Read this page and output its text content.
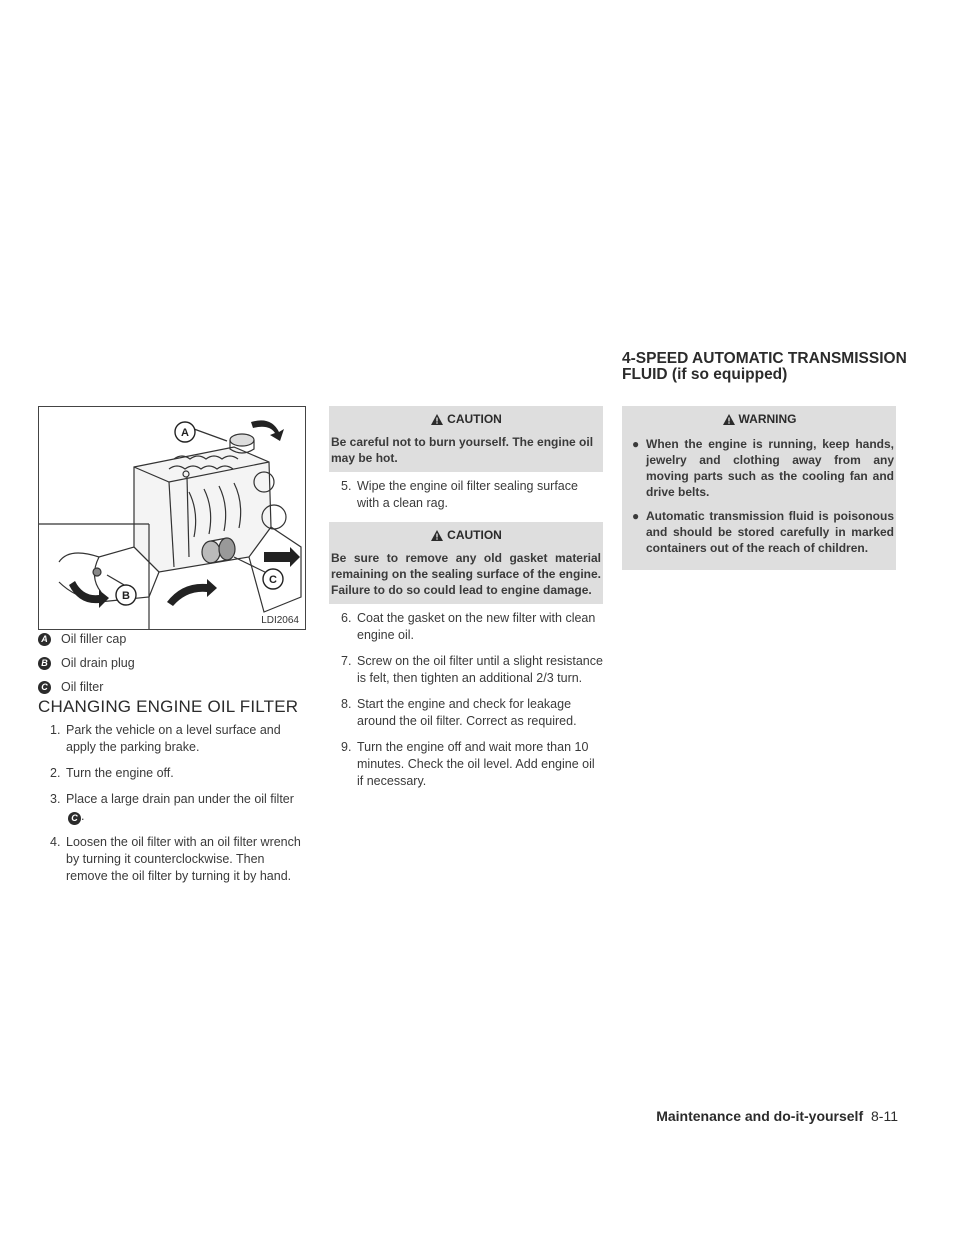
A
B
C
LDI2064
A Oil filler cap
B Oil drain plug
C Oil filter
CHANGING ENGINE OIL FILTER
1. Park the vehicle on a level surface and apply the parking brake.
2. Turn the engine off.
3. Place a large drain pan under the oil filterC .
4. Loosen the oil filter with an oil filter wrench by turning it counterclockwise. Then remove the oil filter by turning it by hand.
CAUTION
Be careful not to burn yourself. The engine oil may be hot.
5. Wipe the engine oil filter sealing surface with a clean rag.
CAUTION
Be sure to remove any old gasket material remaining on the sealing surface of the engine. Failure to do so could lead to engine damage.
6. Coat the gasket on the new filter with clean engine oil.
7. Screw on the oil filter until a slight resistance is felt, then tighten an additional 2/3 turn.
8. Start the engine and check for leakage around the oil filter. Correct as required.
9. Turn the engine off and wait more than 10 minutes. Check the oil level. Add engine oil if necessary.
4-SPEED AUTOMATIC TRANSMISSION FLUID (if so equipped)
WARNING
● When the engine is running, keep hands, jewelry and clothing away from any moving parts such as the cooling fan and drive belts.
● Automatic transmission fluid is poisonous and should be stored carefully in marked containers out of the reach of children.
Maintenance and do-it-yourself 8-11
